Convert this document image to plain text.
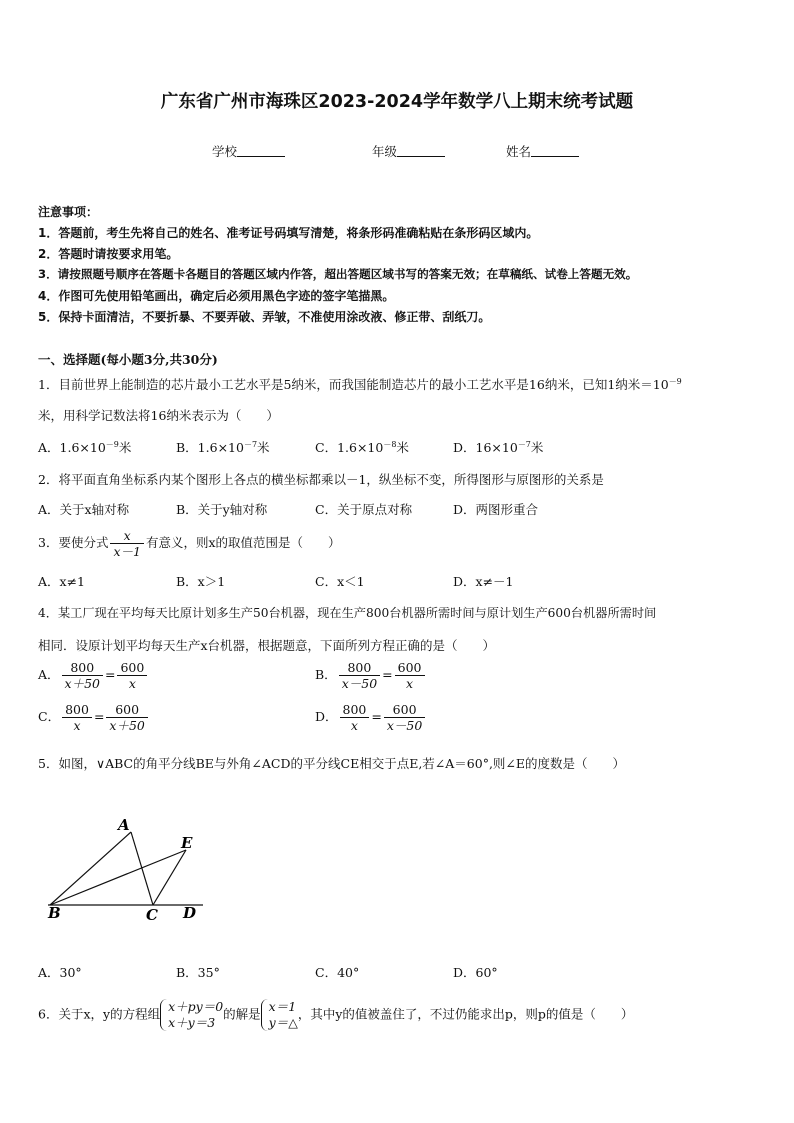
广东省广州市海珠区2023-2024学年数学八上期末统考试题
学校	年级	姓名
注意事项：
1．答题前，考生先将自己的姓名、准考证号码填写清楚，将条形码准确粘贴在条形码区域内。
2．答题时请按要求用笔。
3．请按照题号顺序在答题卡各题目的答题区域内作答，超出答题区域书写的答案无效；在草稿纸、试卷上答题无效。
4．作图可先使用铅笔画出，确定后必须用黑色字迹的签字笔描黑。
5．保持卡面清洁，不要折暴、不要弄破、弄皱，不准使用涂改液、修正带、刮纸刀。
一、选择题(每小题3分,共30分)
1．目前世界上能制造的芯片最小工艺水平是5纳米，而我国能制造芯片的最小工艺水平是16纳米，已知1纳米$=10^{-9}$
米，用科学记数法将16纳米表示为（　　）
A．$1.6\times 10^{-9}$米	B．$1.6\times 10^{-7}$米	C．$1.6\times 10^{-8}$米	D．$16\times 10^{-7}$米
2．将平面直角坐标系内某个图形上各点的横坐标都乘以－1，纵坐标不变，所得图形与原图形的关系是
A．关于x轴对称	B．关于y轴对称	C．关于原点对称	D．两图形重合
3．要使分式 $\frac{x}{x-1}$ 有意义，则x的取值范围是（　　）
A．x≠1	B．x＞1	C．x＜1	D．x≠－1
4．某工厂现在平均每天比原计划多生产50台机器，现在生产800台机器所需时间与原计划生产600台机器所需时间
相同．设原计划平均每天生产x台机器，根据题意，下面所列方程正确的是（　　）
A． $\frac{800}{x+50} = \frac{600}{x}$	B． $\frac{800}{x-50} = \frac{600}{x}$
C． $\frac{800}{x} = \frac{600}{x+50}$	D． $\frac{800}{x} = \frac{600}{x-50}$
5．如图，∨ABC的角平分线BE与外角∠ACD的平分线CE相交于点E,若∠A＝60°,则∠E的度数是（　　）
A
E
B	C D
A．30°	B．35°	C．40°	D．60°
6．关于x，y的方程组 x＋py＝0
x＋y＝3
的解是 x＝1
y＝△
，其中y的值被盖住了，不过仍能求出p，则p的值是（　　）
